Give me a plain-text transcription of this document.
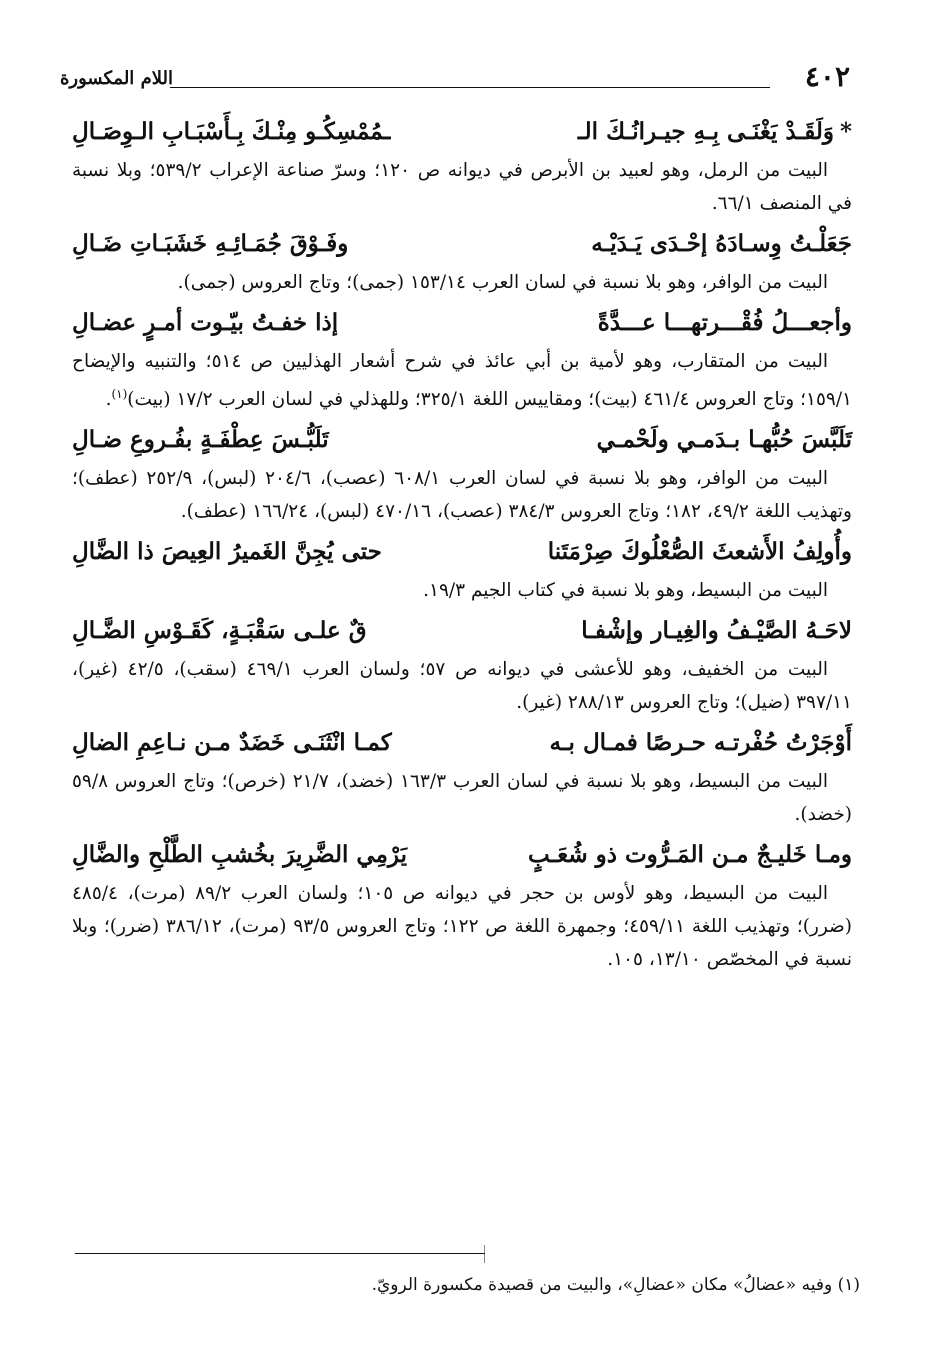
٤٠٢
اللام المكسورة
*وَلَقَـدْ يَغْنَـى بِـهِ جيـرانُـكَ الـ
ـمُمْسِكُـو مِنْـكَ بِـأَسْبَـابِ الـوِصَـالِ

البيت من الرمل، وهو لعبيد بن الأبرص في ديوانه ص ١٢٠؛ وسرّ صناعة الإعراب ٥٣٩/٢؛ وبلا نسبة في المنصف ٦٦/١.

جَعَلْـتُ وِسـادَهُ إحْـدَى يَـدَيْـه
وفَـوْقَ جُمَـائِـهِ خَشَبَـاتِ ضَـالِ

البيت من الوافر، وهو بلا نسبة في لسان العرب ١٥٣/١٤ (جمى)؛ وتاج العروس (جمى).

وأجعـــلُ فُقْـــرتهـــا عـــدَّةً
إذا خفـتُ بيّـوت أمـرٍ عضـالِ

البيت من المتقارب، وهو لأمية بن أبي عائذ في شرح أشعار الهذليين ص ٥١٤؛ والتنبيه والإيضاح ١٥٩/١؛ وتاج العروس ٤٦١/٤ (بيت)؛ ومقاييس اللغة ٣٢٥/١؛ وللهذلي في لسان العرب ١٧/٢ (بيت)$^{(١)}$.

تَلَبَّسَ حُبُّهـا بـدَمـي ولَحْمـي
تَلَبُّـسَ عِطْفَـةٍ بفُـروعِ ضـالِ

البيت من الوافر، وهو بلا نسبة في لسان العرب ٦٠٨/١ (عصب)، ٢٠٤/٦ (لبس)، ٢٥٢/٩ (عطف)؛ وتهذيب اللغة ٤٩/٢، ١٨٢؛ وتاج العروس ٣٨٤/٣ (عصب)، ٤٧٠/١٦ (لبس)، ١٦٦/٢٤ (عطف).

وأُولِفُ الأَشعثَ الصُّعْلُوكَ صِرْمَتَنا
حتى يُجِنَّ الغَميرُ العِيصَ ذا الضَّالِ

البيت من البسيط، وهو بلا نسبة في كتاب الجيم ١٩/٣.

لاحَـهُ الصَّيْـفُ والغِيـار وإشْفـا
قٌ علـى سَقْبَـةٍ، كَقَـوْسِ الضَّـالِ

البيت من الخفيف، وهو للأعشى في ديوانه ص ٥٧؛ ولسان العرب ٤٦٩/١ (سقب)، ٤٢/٥ (غير)، ٣٩٧/١١ (ضيل)؛ وتاج العروس ٢٨٨/١٣ (غير).

أَوْجَرْتُ حُفْرتـه حـرصًا فمـال بـه
كمـا انْثَنَـى خَضَدٌ مـن نـاعِمِ الضالِ

البيت من البسيط، وهو بلا نسبة في لسان العرب ١٦٣/٣ (خضد)، ٢١/٧ (خرص)؛ وتاج العروس ٥٩/٨ (خضد).

ومـا خَليـجٌ مـن المَـرُّوت ذو شُعَـبٍ
يَرْمِي الضَّرِيرَ بخُشبِ الطَّلْحِ والضَّالِ

البيت من البسيط، وهو لأوس بن حجر في ديوانه ص ١٠٥؛ ولسان العرب ٨٩/٢ (مرت)، ٤٨٥/٤ (ضرر)؛ وتهذيب اللغة ٤٥٩/١١؛ وجمهرة اللغة ص ١٢٢؛ وتاج العروس ٩٣/٥ (مرت)، ٣٨٦/١٢ (ضرر)؛ وبلا نسبة في المخصّص ١٣/١٠، ١٠٥.

(١) وفيه «عضالُ» مكان «عضالِ»، والبيت من قصيدة مكسورة الرويّ.
